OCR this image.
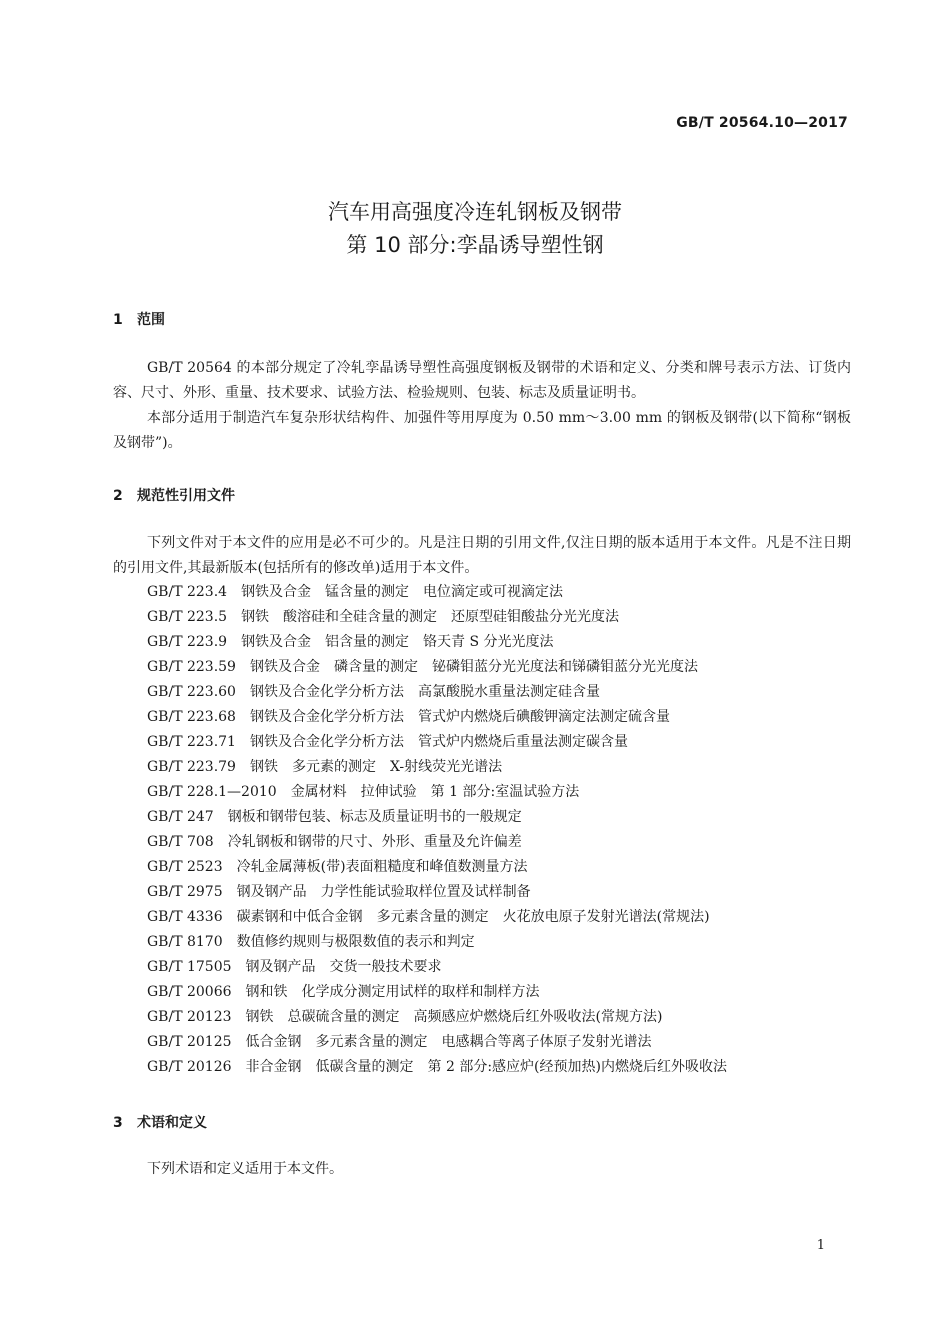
GB/T 20564.10—2017
汽车用高强度冷连轧钢板及钢带
第 10 部分:孪晶诱导塑性钢
1 范围

GB/T 20564 的本部分规定了冷轧孪晶诱导塑性高强度钢板及钢带的术语和定义、分类和牌号表示方法、订货内容、尺寸、外形、重量、技术要求、试验方法、检验规则、包装、标志及质量证明书。

本部分适用于制造汽车复杂形状结构件、加强件等用厚度为 0.50 mm～3.00 mm 的钢板及钢带(以下简称“钢板及钢带”)。

2 规范性引用文件

下列文件对于本文件的应用是必不可少的。凡是注日期的引用文件,仅注日期的版本适用于本文件。凡是不注日期的引用文件,其最新版本(包括所有的修改单)适用于本文件。

GB/T 223.4 钢铁及合金　锰含量的测定　电位滴定或可视滴定法
GB/T 223.5 钢铁　酸溶硅和全硅含量的测定　还原型硅钼酸盐分光光度法
GB/T 223.9 钢铁及合金　铝含量的测定　铬天青 S 分光光度法
GB/T 223.59 钢铁及合金　磷含量的测定　铋磷钼蓝分光光度法和锑磷钼蓝分光光度法
GB/T 223.60 钢铁及合金化学分析方法　高氯酸脱水重量法测定硅含量
GB/T 223.68 钢铁及合金化学分析方法　管式炉内燃烧后碘酸钾滴定法测定硫含量
GB/T 223.71 钢铁及合金化学分析方法　管式炉内燃烧后重量法测定碳含量
GB/T 223.79 钢铁　多元素的测定　X-射线荧光光谱法
GB/T 228.1—2010 金属材料　拉伸试验　第 1 部分:室温试验方法
GB/T 247 钢板和钢带包装、标志及质量证明书的一般规定
GB/T 708 冷轧钢板和钢带的尺寸、外形、重量及允许偏差
GB/T 2523 冷轧金属薄板(带)表面粗糙度和峰值数测量方法
GB/T 2975 钢及钢产品　力学性能试验取样位置及试样制备
GB/T 4336 碳素钢和中低合金钢　多元素含量的测定　火花放电原子发射光谱法(常规法)
GB/T 8170 数值修约规则与极限数值的表示和判定
GB/T 17505 钢及钢产品　交货一般技术要求
GB/T 20066 钢和铁　化学成分测定用试样的取样和制样方法
GB/T 20123 钢铁　总碳硫含量的测定　高频感应炉燃烧后红外吸收法(常规方法)
GB/T 20125 低合金钢　多元素含量的测定　电感耦合等离子体原子发射光谱法
GB/T 20126 非合金钢　低碳含量的测定　第 2 部分:感应炉(经预加热)内燃烧后红外吸收法
3 术语和定义

下列术语和定义适用于本文件。

1
